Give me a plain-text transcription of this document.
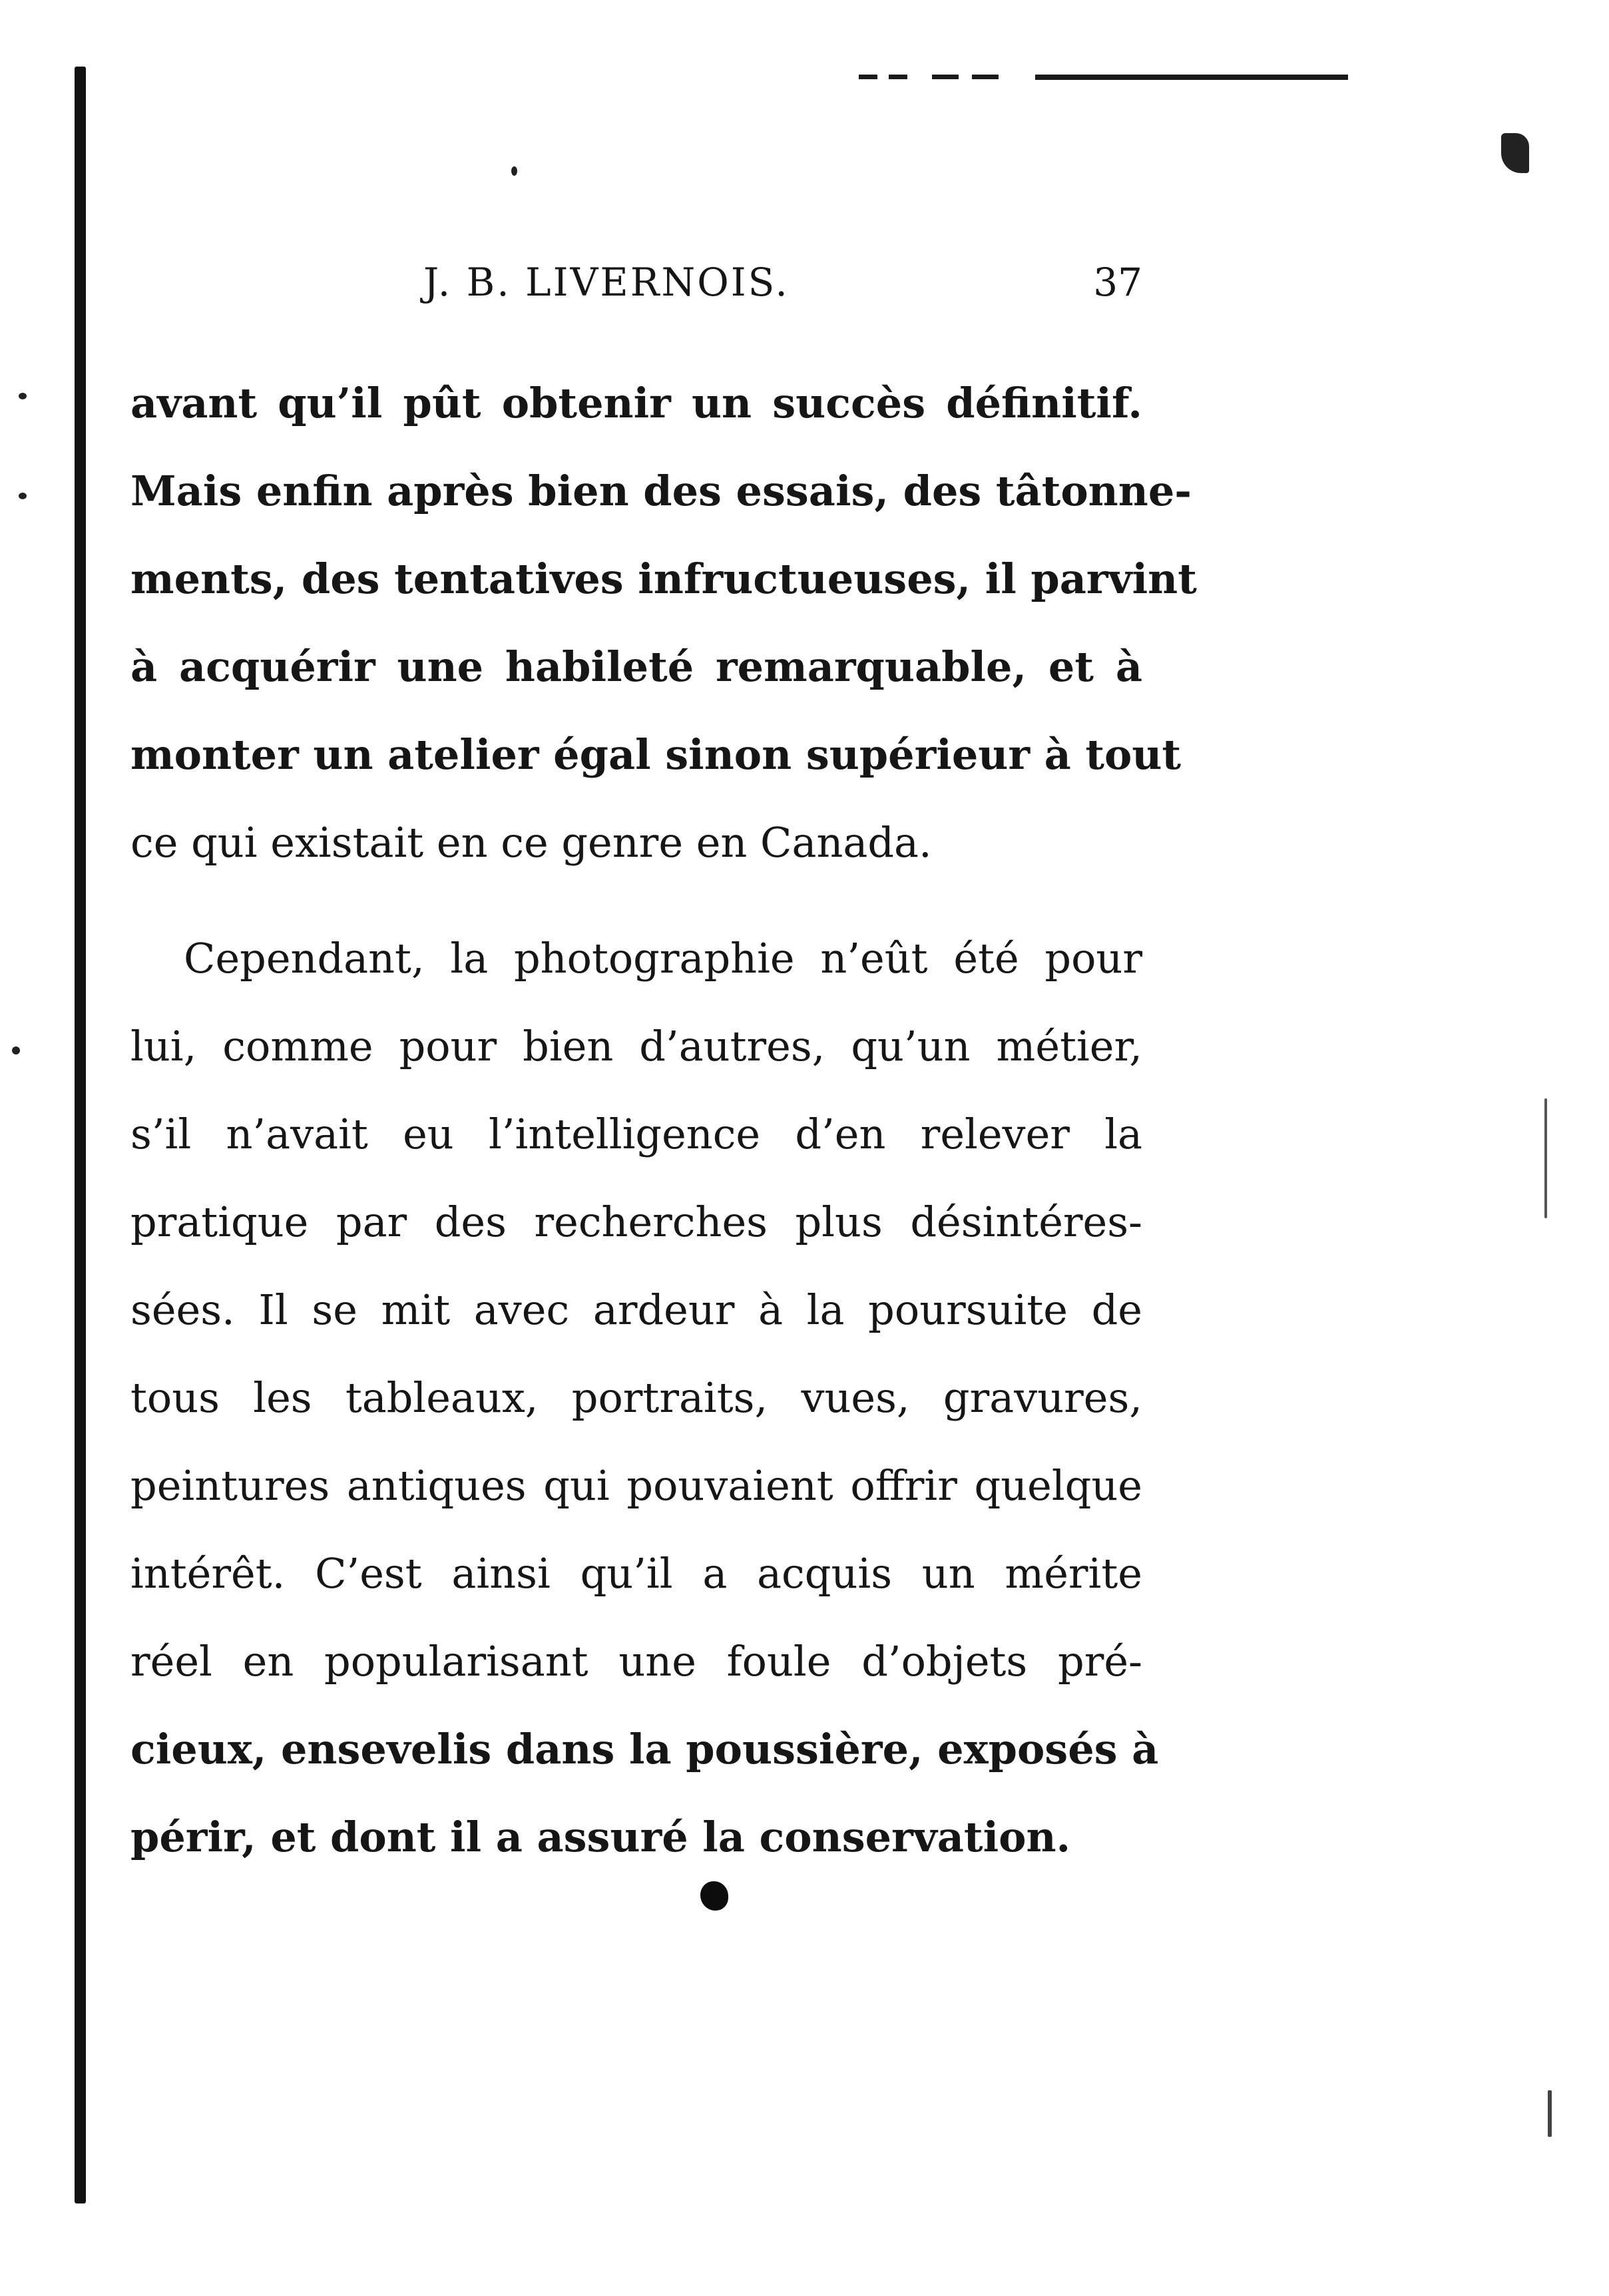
J. B. LIVERNOIS.	37
avant qu’il pût obtenir un succès définitif.
Mais enfin après bien des essais, des tâtonne-
ments, des tentatives infructueuses, il parvint
à acquérir une habileté remarquable, et à
monter un atelier égal sinon supérieur à tout
ce qui existait en ce genre en Canada.
Cependant, la photographie n’eût été pour
lui, comme pour bien d’autres, qu’un métier,
s’il n’avait eu l’intelligence d’en relever la
pratique par des recherches plus désintéres-
sées. Il se mit avec ardeur à la poursuite de
tous les tableaux, portraits, vues, gravures,
peintures antiques qui pouvaient offrir quelque
intérêt. C’est ainsi qu’il a acquis un mérite
réel en popularisant une foule d’objets pré-
cieux, ensevelis dans la poussière, exposés à
périr, et dont il a assuré la conservation.
